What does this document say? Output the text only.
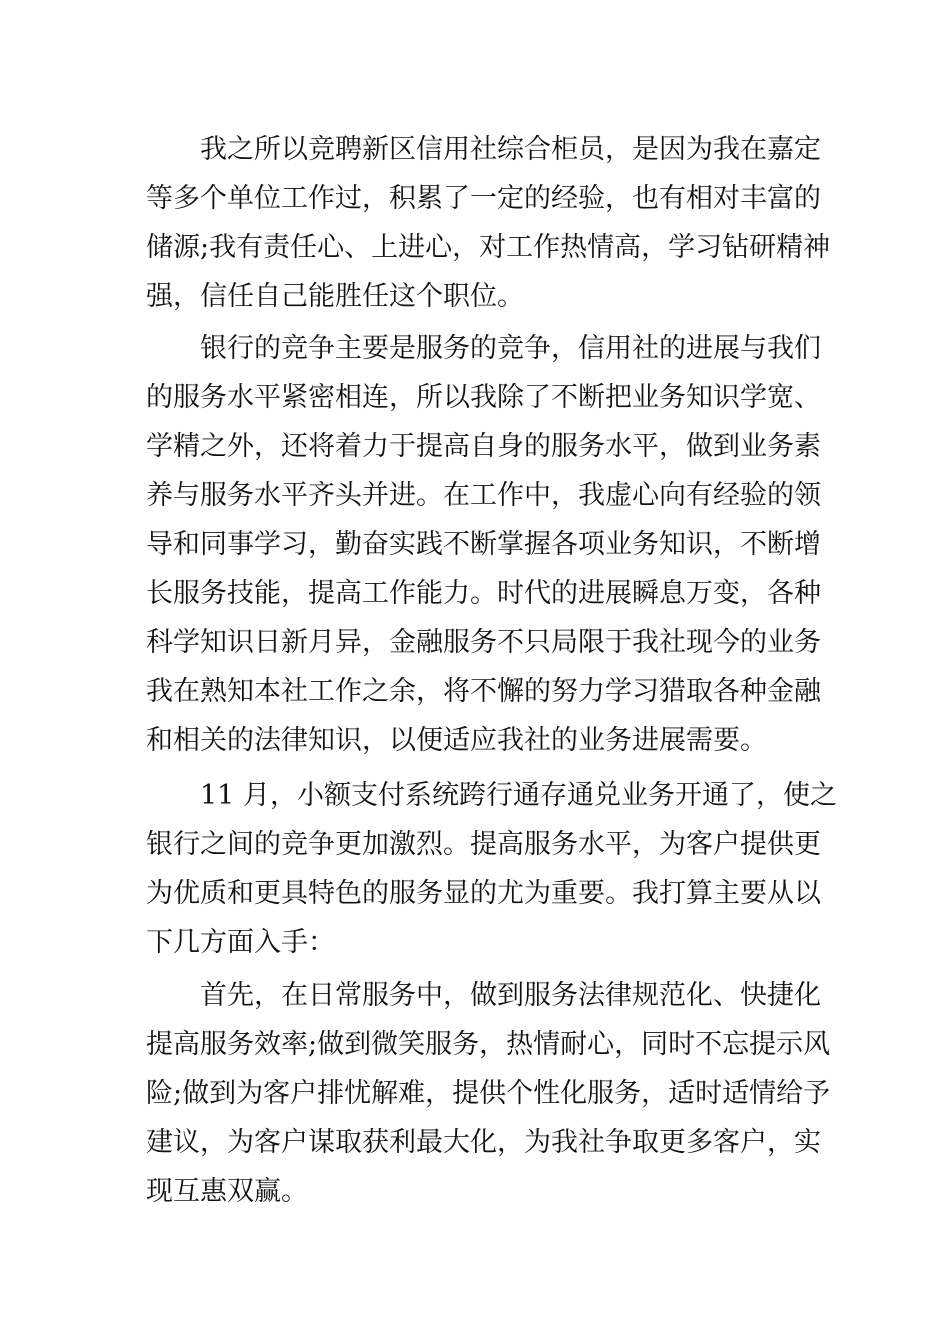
我之所以竞聘新区信用社综合柜员，是因为我在嘉定
等多个单位工作过，积累了一定的经验，也有相对丰富的
储源;我有责任心、上进心，对工作热情高，学习钻研精神
强，信任自己能胜任这个职位。
银行的竞争主要是服务的竞争，信用社的进展与我们
的服务水平紧密相连，所以我除了不断把业务知识学宽、
学精之外，还将着力于提高自身的服务水平，做到业务素
养与服务水平齐头并进。在工作中，我虚心向有经验的领
导和同事学习，勤奋实践不断掌握各项业务知识，不断增
长服务技能，提高工作能力。时代的进展瞬息万变，各种
科学知识日新月异，金融服务不只局限于我社现今的业务
我在熟知本社工作之余，将不懈的努力学习猎取各种金融
和相关的法律知识，以便适应我社的业务进展需要。
11 月，小额支付系统跨行通存通兑业务开通了，使之
银行之间的竞争更加激烈。提高服务水平，为客户提供更
为优质和更具特色的服务显的尤为重要。我打算主要从以
下几方面入手：
首先，在日常服务中，做到服务法律规范化、快捷化
提高服务效率;做到微笑服务，热情耐心，同时不忘提示风
险;做到为客户排忧解难，提供个性化服务，适时适情给予
建议，为客户谋取获利最大化，为我社争取更多客户，实
现互惠双赢。
